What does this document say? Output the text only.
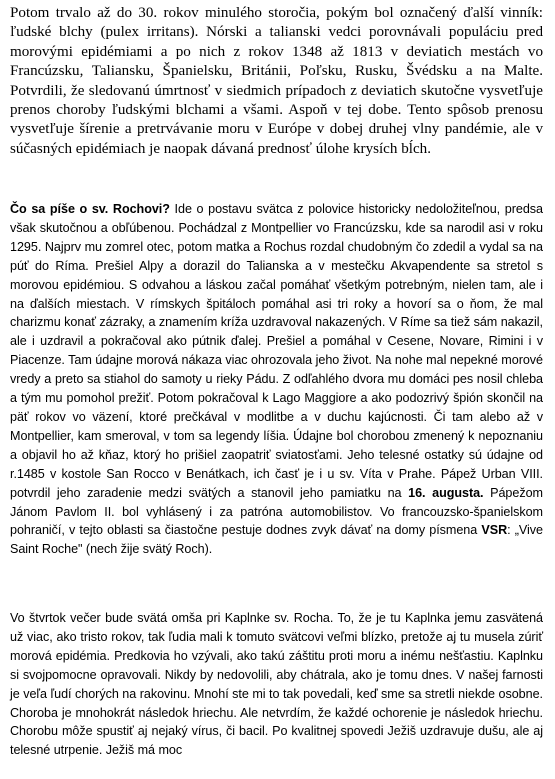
Potom trvalo až do 30. rokov minulého storočia, pokým bol označený ďalší vinník: ľudské blchy (pulex irritans). Nórski a talianski vedci porovnávali populáciu pred morovými epidémiami a po nich z rokov 1348 až 1813 v deviatich mestách vo Francúzsku, Taliansku, Španielsku, Británii, Poľsku, Rusku, Švédsku a na Malte. Potvrdili, že sledovanú úmrtnosť v siedmich prípadoch z deviatich skutočne vysvetľuje prenos choroby ľudskými blchami a všami. Aspoň v tej dobe. Tento spôsob prenosu vysvetľuje šírenie a pretrvávanie moru v Európe v dobej druhej vlny pandémie, ale v súčasných epidémiach je naopak dávaná prednosť úlohe krysích bĺch.

Čo sa píše o sv. Rochovi? Ide o postavu svätca z polovice historicky nedoložiteľnou, predsa však skutočnou a obľúbenou. Pochádzal z Montpellier vo Francúzsku, kde sa narodil asi v roku 1295. Najprv mu zomrel otec, potom matka a Rochus rozdal chudobným čo zdedil a vydal sa na púť do Ríma. Prešiel Alpy a dorazil do Talianska a v mestečku Akvapendente sa stretol s morovou epidémiou. S odvahou a láskou začal pomáhať všetkým potrebným, nielen tam, ale i na ďalších miestach. V rímskych špitáloch pomáhal asi tri roky a hovorí sa o ňom, že mal charizmu konať zázraky, a znamením kríža uzdravoval nakazených. V Ríme sa tiež sám nakazil, ale i uzdravil a pokračoval ako pútnik ďalej. Prešiel a pomáhal v Cesene, Novare, Rimini i v Piacenze. Tam údajne morová nákaza viac ohrozovala jeho život. Na nohe mal nepekné morové vredy a preto sa stiahol do samoty u rieky Pádu. Z odľahlého dvora mu domáci pes nosil chleba a tým mu pomohol prežiť. Potom pokračoval k Lago Maggiore a ako podozrivý špión skončil na päť rokov vo väzení, ktoré prečkával v modlitbe a v duchu kajúcnosti. Či tam alebo až v Montpellier, kam smeroval, v tom sa legendy líšia. Údajne bol chorobou zmenený k nepoznaniu a objavil ho až kňaz, ktorý ho prišiel zaopatriť sviatosťami. Jeho telesné ostatky sú údajne od r.1485 v kostole San Rocco v Benátkach, ich časť je i u sv. Víta v Prahe. Pápež Urban VIII. potvrdil jeho zaradenie medzi svätých a stanovil jeho pamiatku na 16. augusta. Pápežom Jánom Pavlom II. bol vyhlásený i za patróna automobilistov. Vo francouzsko-španielskom pohraničí, v tejto oblasti sa čiastočne pestuje dodnes zvyk dávať na domy písmena VSR: „Vive Saint Roche" (nech žije svätý Roch).

Vo štvrtok večer bude svätá omša pri Kaplnke sv. Rocha. To, že je tu Kaplnka jemu zasvätená už viac, ako tristo rokov, tak ľudia mali k tomuto svätcovi veľmi blízko, pretože aj tu musela zúriť morová epidémia. Predkovia ho vzývali, ako takú záštitu proti moru a inému nešťastiu. Kaplnku si svojpomocne opravovali. Nikdy by nedovolili, aby chátrala, ako je tomu dnes. V našej farnosti je veľa ľudí chorých na rakovinu. Mnohí ste mi to tak povedali, keď sme sa stretli niekde osobne. Choroba je mnohokrát následok hriechu. Ale netvrdím, že každé ochorenie je následok hriechu. Chorobu môže spustiť aj nejaký vírus, či bacil. Po kvalitnej spovedi Ježiš uzdravuje dušu, ale aj telesné utrpenie. Ježiš má moc
